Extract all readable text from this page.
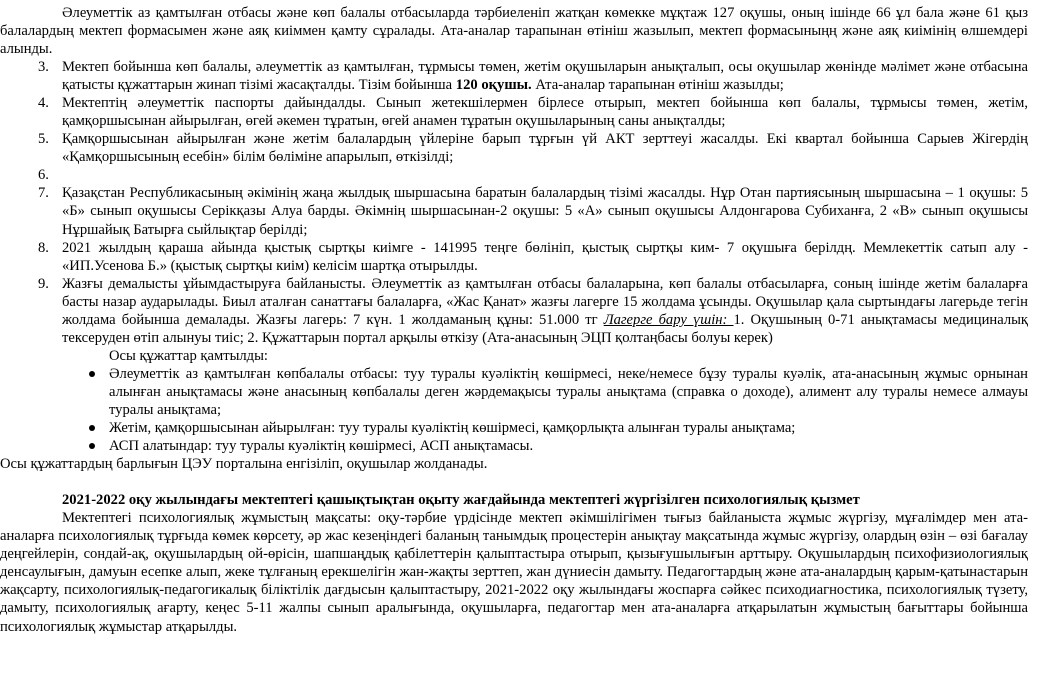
Әлеуметтік аз қамтылған отбасы және көп балалы отбасыларда тәрбиеленіп жатқан көмекке мұқтаж 127 оқушы, оның ішінде 66 ұл бала және 61 қыз балалардың мектеп формасымен және аяқ киіммен қамту сұралады. Ата-аналар тарапынан өтініш жазылып, мектеп формасыныңң және аяқ киімінің өлшемдері алынды.

3. Мектеп бойынша көп балалы, әлеуметтік аз қамтылған, тұрмысы төмен, жетім оқушыларын анықталып, осы оқушылар жөнінде мәлімет және отбасына қатысты құжаттарын жинап тізімі жасақталды. Тізім бойынша 120 оқушы. Ата-аналар тарапынан өтініш жазылды;
4. Мектептің әлеуметтік паспорты дайындалды. Сынып жетекшілермен бірлесе отырып, мектеп бойынша көп балалы, тұрмысы төмен, жетім, қамқоршысынан айырылған, өгей әкемен тұратын, өгей анамен тұратын оқушыларының саны анықталды;
5. Қамқоршысынан айырылған және жетім балалардың үйлеріне барып тұрғын үй АКТ зерттеуі жасалды. Екі квартал бойынша Сарыев Жігердің «Қамқоршысының есебін» білім бөліміне апарылып, өткізілді;
6.
7. Қазақстан Республикасының әкімінің жаңа жылдық шыршасына баратын балалардың тізімі жасалды. Нұр Отан партиясының шыршасына – 1 оқушы: 5 «Б» сынып оқушысы Серікқазы Алуа барды. Әкімнің шыршасынан-2 оқушы: 5 «А» сынып оқушысы Алдонгарова Субиханға, 2 «В» сынып оқушысы Нұршайық Батырға сыйлықтар берілді;
8. 2021 жылдың қараша айында қыстық сыртқы киімге - 141995 теңге бөлініп, қыстық сыртқы ким- 7 оқушыға берілдң. Мемлекеттік сатып алу - «ИП.Усенова Б.» (қыстық сыртқы киім) келісім шартқа отырылды.
9. Жазғы демалысты ұйымдастыруға байланысты. Әлеуметтік аз қамтылған отбасы балаларына, көп балалы отбасыларға, соның ішінде жетім балаларға басты назар аударылады. Биыл аталған санаттағы балаларға, «Жас Қанат» жазғы лагерге 15 жолдама ұсынды. Оқушылар қала сыртындағы лагерьде тегін жолдама бойынша демалады. Жазғы лагерь: 7 күн. 1 жолдаманың құны: 51.000 тг Лагерге бару үшін: 1. Оқушының 0-71 анықтамасы медициналық тексеруден өтіп алынуы тиіс; 2. Құжаттарын портал арқылы өткізу (Ата-анасының ЭЦП қолтаңбасы болуы керек)

Осы құжаттар қамтылды:

Әлеуметтік аз қамтылған көпбалалы отбасы: туу туралы куәліктің көшірмесі, неке/немесе бұзу туралы куәлік, ата-анасының жұмыс орнынан алынған анықтамасы және анасының көпбалалы деген жәрдемақысы туралы анықтама (справка о доходе), алимент алу туралы немесе алмауы туралы анықтама;
Жетім, қамқоршысынан айырылған: туу туралы куәліктің көшірмесі, қамқорлықта алынған туралы анықтама;
АСП алатындар: туу туралы куәліктің көшірмесі, АСП анықтамасы.

Осы құжаттардың барлығын ЦЭУ порталына енгізіліп, оқушылар жолданады.

2021-2022 оқу жылындағы мектептегі қашықтықтан оқыту жағдайында мектептегі жүргізілген психологиялық қызмет

Мектептегі психологиялық жұмыстың мақсаты: оқу-тәрбие үрдісінде мектеп әкімшілігімен тығыз байланыста жұмыс жүргізу, мұғалімдер мен ата-аналарға психологиялық тұрғыда көмек көрсету, әр жас кезеңіндегі баланың танымдық процестерін анықтау мақсатында жұмыс жүргізу, олардың өзін – өзі бағалау деңгейлерін, сондай-ақ, оқушылардың ой-өрісін, шапшаңдық қабілеттерін қалыптастыра отырып, қызығушылығын арттыру. Оқушылардың психофизиологиялық денсаулығын, дамуын есепке алып, жеке тұлғаның ерекшелігін жан-жақты зерттеп, жан дүниесін дамыту. Педагогтардың және ата-аналардың қарым-қатынастарын жақсарту, психологиялық-педагогикалық біліктілік дағдысын қалыптастыру, 2021-2022 оқу жылындағы жоспарға сәйкес психодиагностика, психологиялық түзету, дамыту, психологиялық ағарту, кеңес 5-11 жалпы сынып аралығында, оқушыларға, педагогтар мен ата-аналарға атқарылатын жұмыстың бағыттары бойынша психологиялық жұмыстар атқарылды.
